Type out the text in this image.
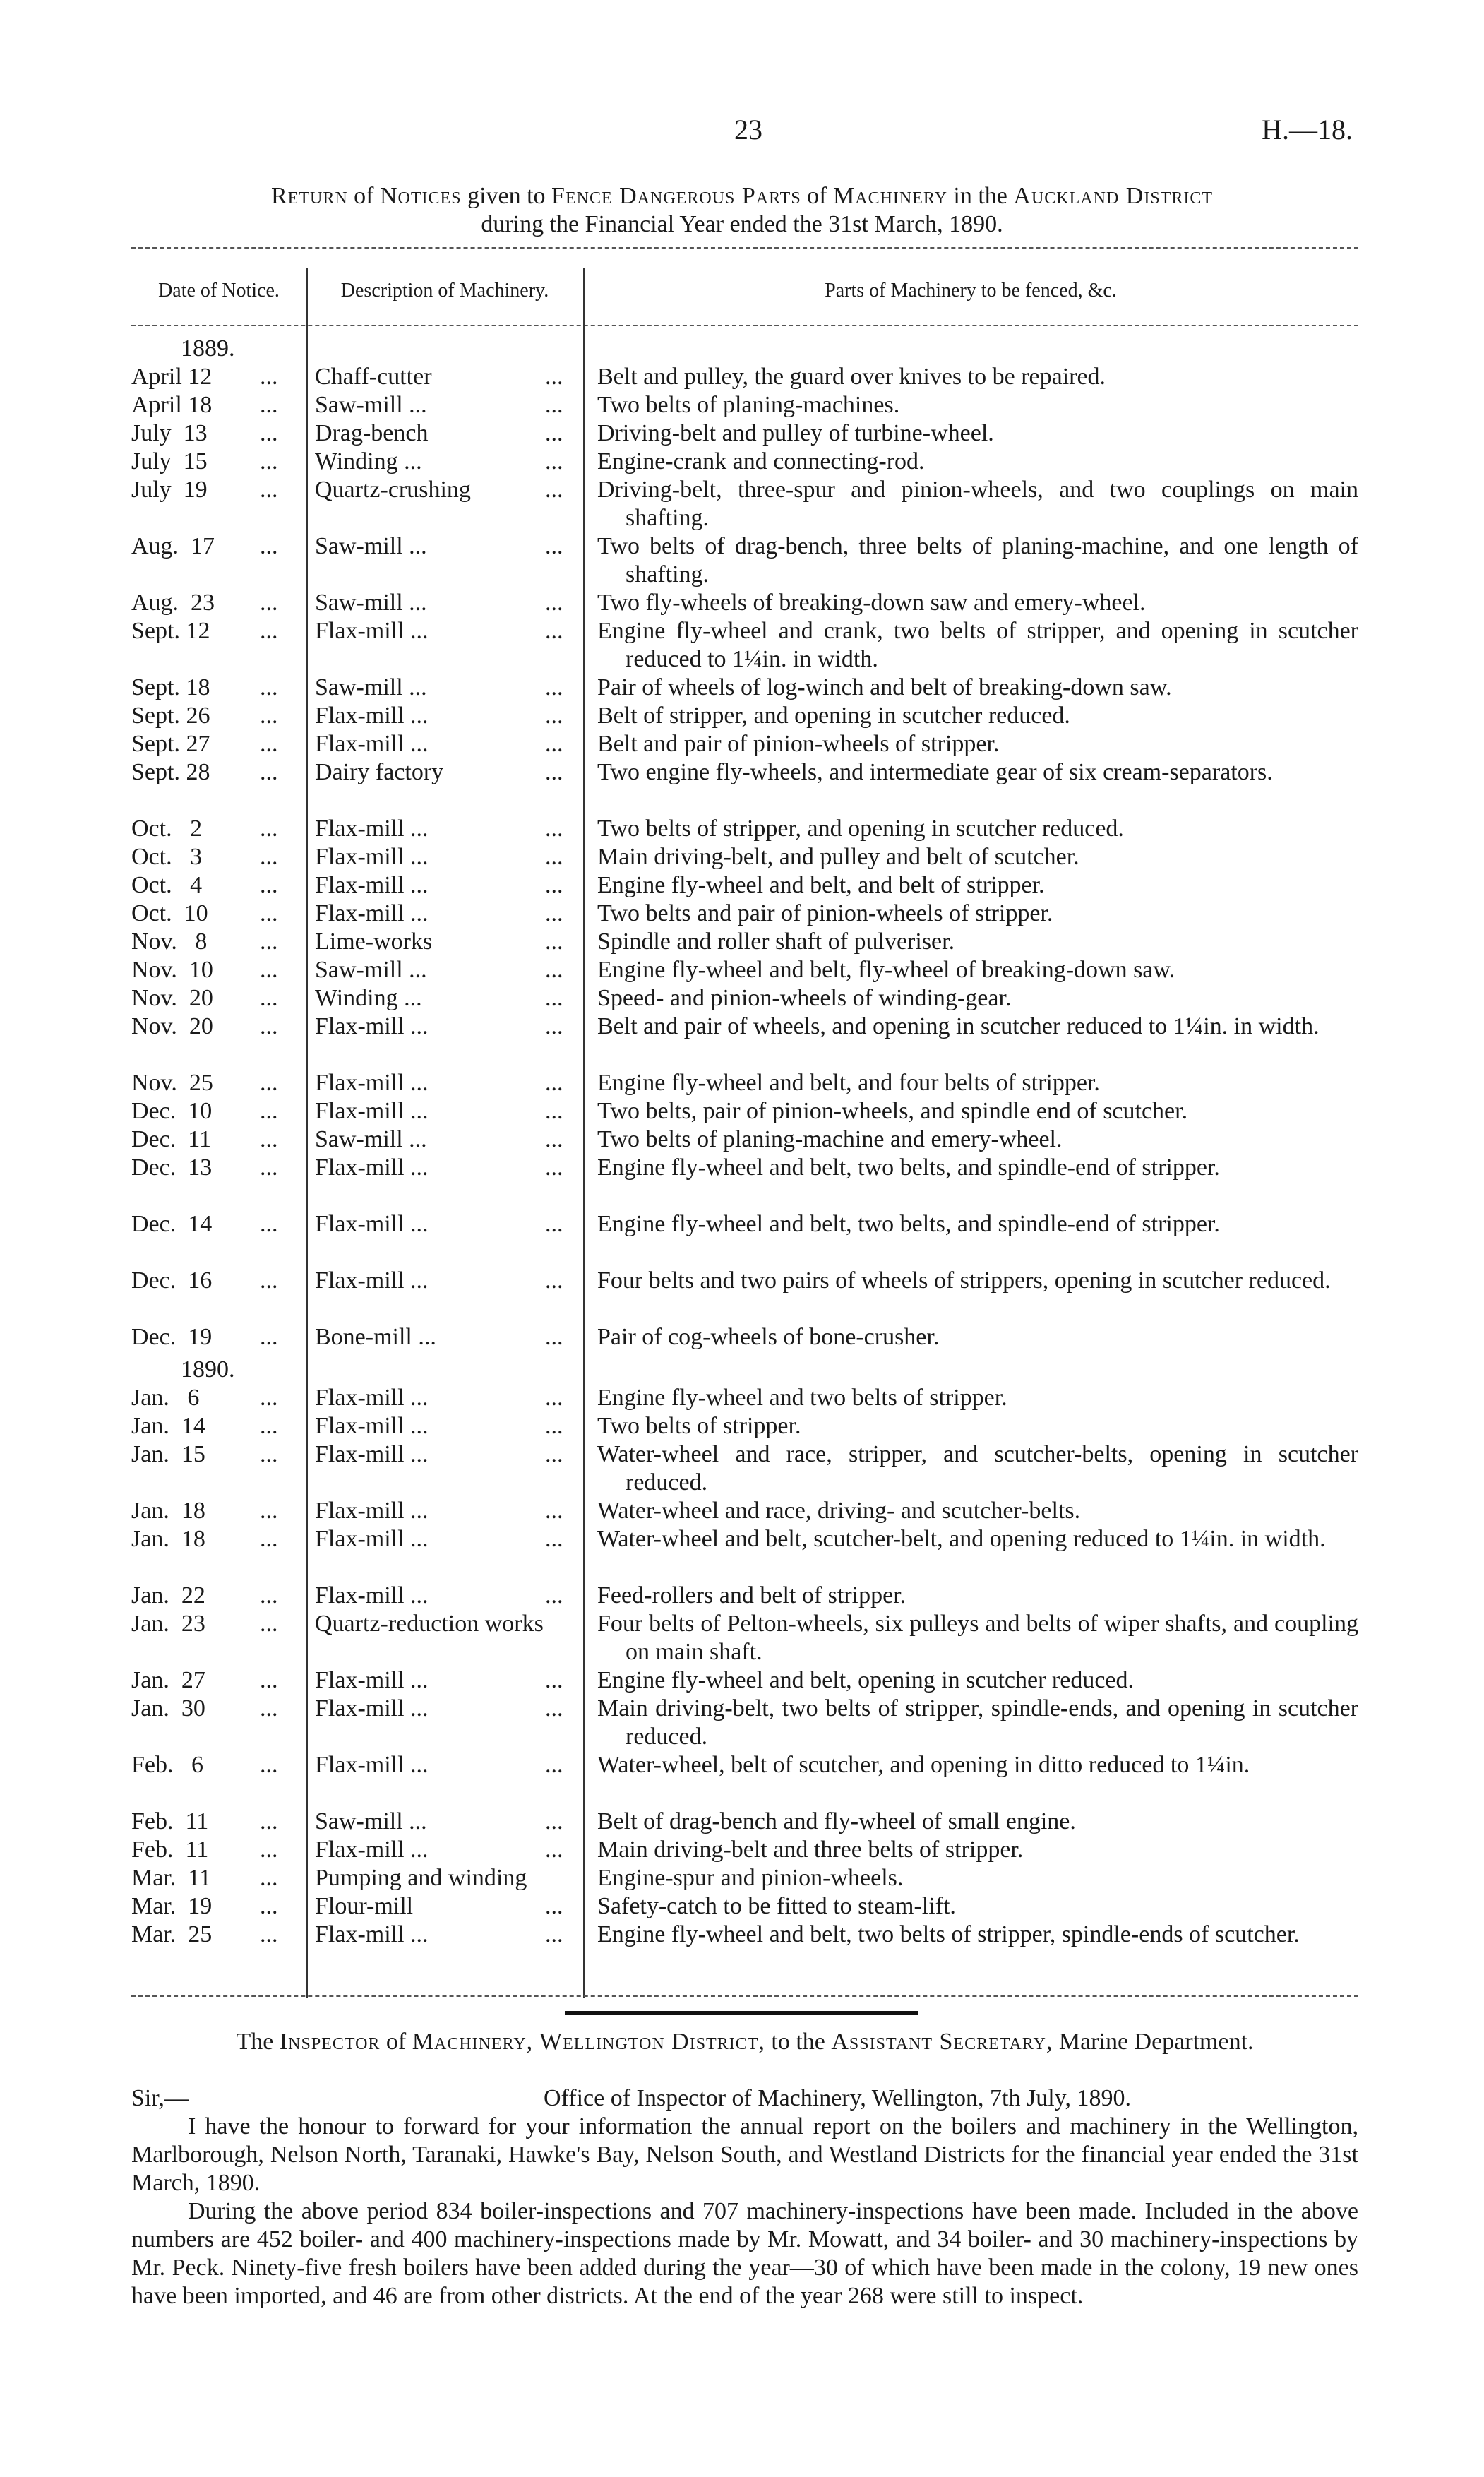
23	H.—18.
Return of Notices given to Fence Dangerous Parts of Machinery in the Auckland District
during the Financial Year ended the 31st March, 1890.
Date of Notice.	Description of Machinery.	Parts of Machinery to be fenced, &c.
1889.
1890.
April 12	...	Chaff-cutter	...	Belt and pulley, the guard over knives to be repaired.
April 18	...	Saw-mill ...	...	Two belts of planing-machines.
July  13	...	Drag-bench	...	Driving-belt and pulley of turbine-wheel.
July  15	...	Winding ...	...	Engine-crank and connecting-rod.
July  19	...	Quartz-crushing	...	Driving-belt, three-spur and pinion-wheels, and two couplings on main shafting.
Aug.  17	...	Saw-mill ...	...	Two belts of drag-bench, three belts of planing-machine, and one length of shafting.
Aug.  23	...	Saw-mill ...	...	Two fly-wheels of breaking-down saw and emery-wheel.
Sept. 12	...	Flax-mill ...	...	Engine fly-wheel and crank, two belts of stripper, and opening in scutcher reduced to 1¼in. in width.
Sept. 18	...	Saw-mill ...	...	Pair of wheels of log-winch and belt of breaking-down saw.
Sept. 26	...	Flax-mill ...	...	Belt of stripper, and opening in scutcher reduced.
Sept. 27	...	Flax-mill ...	...	Belt and pair of pinion-wheels of stripper.
Sept. 28	...	Dairy factory	...	Two engine fly-wheels, and intermediate gear of six cream-separators.
Oct.   2	...	Flax-mill ...	...	Two belts of stripper, and opening in scutcher reduced.
Oct.   3	...	Flax-mill ...	...	Main driving-belt, and pulley and belt of scutcher.
Oct.   4	...	Flax-mill ...	...	Engine fly-wheel and belt, and belt of stripper.
Oct.  10	...	Flax-mill ...	...	Two belts and pair of pinion-wheels of stripper.
Nov.   8	...	Lime-works	...	Spindle and roller shaft of pulveriser.
Nov.  10	...	Saw-mill ...	...	Engine fly-wheel and belt, fly-wheel of breaking-down saw.
Nov.  20	...	Winding ...	...	Speed- and pinion-wheels of winding-gear.
Nov.  20	...	Flax-mill ...	...	Belt and pair of wheels, and opening in scutcher reduced to 1¼in. in width.
Nov.  25	...	Flax-mill ...	...	Engine fly-wheel and belt, and four belts of stripper.
Dec.  10	...	Flax-mill ...	...	Two belts, pair of pinion-wheels, and spindle end of scutcher.
Dec.  11	...	Saw-mill ...	...	Two belts of planing-machine and emery-wheel.
Dec.  13	...	Flax-mill ...	...	Engine fly-wheel and belt, two belts, and spindle-end of stripper.
Dec.  14	...	Flax-mill ...	...	Engine fly-wheel and belt, two belts, and spindle-end of stripper.
Dec.  16	...	Flax-mill ...	...	Four belts and two pairs of wheels of strippers, opening in scutcher reduced.
Dec.  19	...	Bone-mill ...	...	Pair of cog-wheels of bone-crusher.
Jan.   6	...	Flax-mill ...	...	Engine fly-wheel and two belts of stripper.
Jan.  14	...	Flax-mill ...	...	Two belts of stripper.
Jan.  15	...	Flax-mill ...	...	Water-wheel and race, stripper, and scutcher-belts, opening in scutcher reduced.
Jan.  18	...	Flax-mill ...	...	Water-wheel and race, driving- and scutcher-belts.
Jan.  18	...	Flax-mill ...	...	Water-wheel and belt, scutcher-belt, and opening reduced to 1¼in. in width.
Jan.  22	...	Flax-mill ...	...	Feed-rollers and belt of stripper.
Jan.  23	...	Quartz-reduction works	Four belts of Pelton-wheels, six pulleys and belts of wiper shafts, and coupling on main shaft.
Jan.  27	...	Flax-mill ...	...	Engine fly-wheel and belt, opening in scutcher reduced.
Jan.  30	...	Flax-mill ...	...	Main driving-belt, two belts of stripper, spindle-ends, and opening in scutcher reduced.
Feb.   6	...	Flax-mill ...	...	Water-wheel, belt of scutcher, and opening in ditto reduced to 1¼in.
Feb.  11	...	Saw-mill ...	...	Belt of drag-bench and fly-wheel of small engine.
Feb.  11	...	Flax-mill ...	...	Main driving-belt and three belts of stripper.
Mar.  11	...	Pumping and winding	Engine-spur and pinion-wheels.
Mar.  19	...	Flour-mill	...	Safety-catch to be fitted to steam-lift.
Mar.  25	...	Flax-mill ...	...	Engine fly-wheel and belt, two belts of stripper, spindle-ends of scutcher.
The Inspector of Machinery, Wellington District, to the Assistant Secretary, Marine Department.
Sir,—	Office of Inspector of Machinery, Wellington, 7th July, 1890.
I have the honour to forward for your information the annual report on the boilers and machinery in the Wellington, Marlborough, Nelson North, Taranaki, Hawke's Bay, Nelson South, and Westland Districts for the financial year ended the 31st March, 1890.
During the above period 834 boiler-inspections and 707 machinery-inspections have been made. Included in the above numbers are 452 boiler- and 400 machinery-inspections made by Mr. Mowatt, and 34 boiler- and 30 machinery-inspections by Mr. Peck. Ninety-five fresh boilers have been added during the year—30 of which have been made in the colony, 19 new ones have been imported, and 46 are from other districts. At the end of the year 268 were still to inspect.
